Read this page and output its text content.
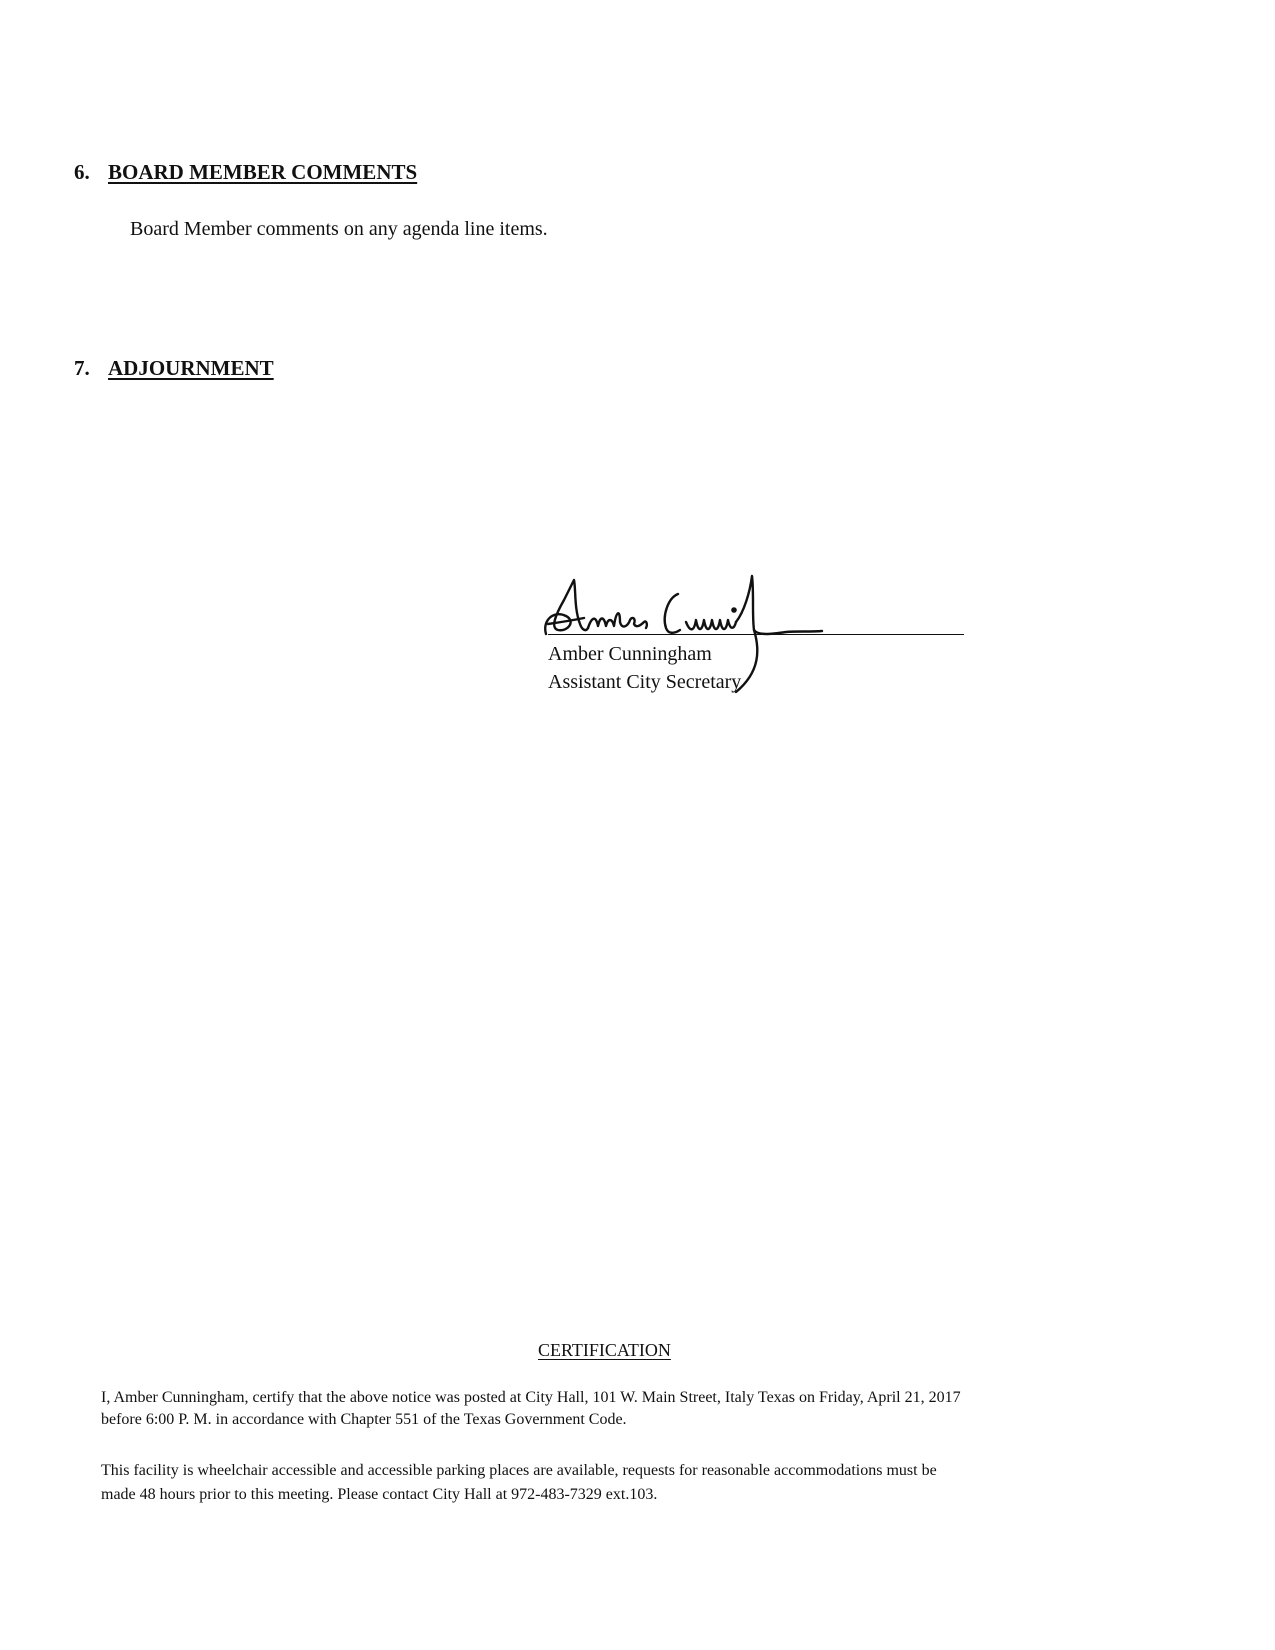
6. BOARD MEMBER COMMENTS
Board Member comments on any agenda line items.
7. ADJOURNMENT
Amber Cunningham
Assistant City Secretary
CERTIFICATION
I, Amber Cunningham, certify that the above notice was posted at City Hall, 101 W. Main Street, Italy Texas on Friday, April 21, 2017
before 6:00 P. M. in accordance with Chapter 551 of the Texas Government Code.
This facility is wheelchair accessible and accessible parking places are available, requests for reasonable accommodations must be
made 48 hours prior to this meeting. Please contact City Hall at 972-483-7329 ext.103.
